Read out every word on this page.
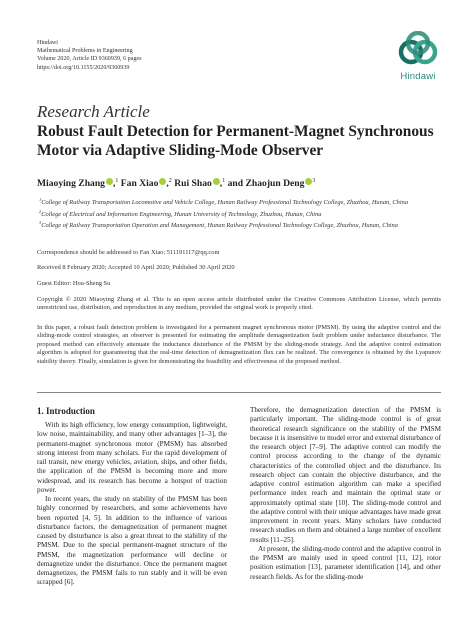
Hindawi
Mathematical Problems in Engineering
Volume 2020, Article ID 9360939, 6 pages
https://doi.org/10.1155/2020/9360939
Hindawi
Research Article
Robust Fault Detection for Permanent-Magnet Synchronous Motor via Adaptive Sliding-Mode Observer
Miaoying Zhang ,$^1$ Fan Xiao ,$^2$ Rui Shao ,$^1$ and Zhaojun Deng $^3$

$^1$College of Railway Transportation Locomotive and Vehicle College, Hunan Railway Professional Technology College, Zhuzhou, Hunan, China

$^2$College of Electrical and Information Engineering, Hunan University of Technology, Zhuzhou, Hunan, China

$^3$College of Railway Transportation Operation and Management, Hunan Railway Professional Technology College, Zhuzhou, Hunan, China

Correspondence should be addressed to Fan Xiao; 511191117@qq.com
Received 8 February 2020; Accepted 10 April 2020; Published 30 April 2020
Guest Editor: Hou-Sheng Su
Copyright © 2020 Miaoying Zhang et al. This is an open access article distributed under the Creative Commons Attribution License, which permits unrestricted use, distribution, and reproduction in any medium, provided the original work is properly cited.
In this paper, a robust fault detection problem is investigated for a permanent magnet synchronous motor (PMSM). By using the adaptive control and the sliding-mode control strategies, an observer is presented for estimating the amplitude demagnetization fault problem under inductance disturbance. The proposed method can effectively attenuate the inductance disturbance of the PMSM by the sliding-mode strategy. And the adaptive control estimation algorithm is adopted for guaranteeing that the real-time detection of demagnetization flux can be realized. The convergence is obtained by the Lyapunov stability theory. Finally, simulation is given for demonstrating the feasibility and effectiveness of the proposed method.
1. Introduction

With its high efficiency, low energy consumption, lightweight, low noise, maintainability, and many other advantages [1–3], the permanent-magnet synchronous motor (PMSM) has absorbed strong interest from many scholars. For the rapid development of rail transit, new energy vehicles, aviation, ships, and other fields, the application of the PMSM is becoming more and more widespread, and its research has become a hotspot of traction power.

In recent years, the study on stability of the PMSM has been highly concerned by researchers, and some achievements have been reported [4, 5]. In addition to the influence of various disturbance factors, the demagnetization of permanent magnet caused by disturbance is also a great threat to the stability of the PMSM. Due to the special permanent-magnet structure of the PMSM, the magnetization performance will decline or demagnetize under the disturbance. Once the permanent magnet demagnetizes, the PMSM fails to run stably and it will be even scrapped [6].

Therefore, the demagnetization detection of the PMSM is particularly important. The sliding-mode control is of great theoretical research significance on the stability of the PMSM because it is insensitive to model error and external disturbance of the research object [7–9]. The adaptive control can modify the control process according to the change of the dynamic characteristics of the controlled object and the disturbance. Its research object can contain the objective disturbance, and the adaptive control estimation algorithm can make a specified performance index reach and maintain the optimal state or approximately optimal state [10]. The sliding-mode control and the adaptive control with their unique advantages have made great improvement in recent years. Many scholars have conducted research studies on them and obtained a large number of excellent results [11–25].

At present, the sliding-mode control and the adaptive control in the PMSM are mainly used in speed control [11, 12], rotor position estimation [13], parameter identification [14], and other research fields. As for the sliding-mode
